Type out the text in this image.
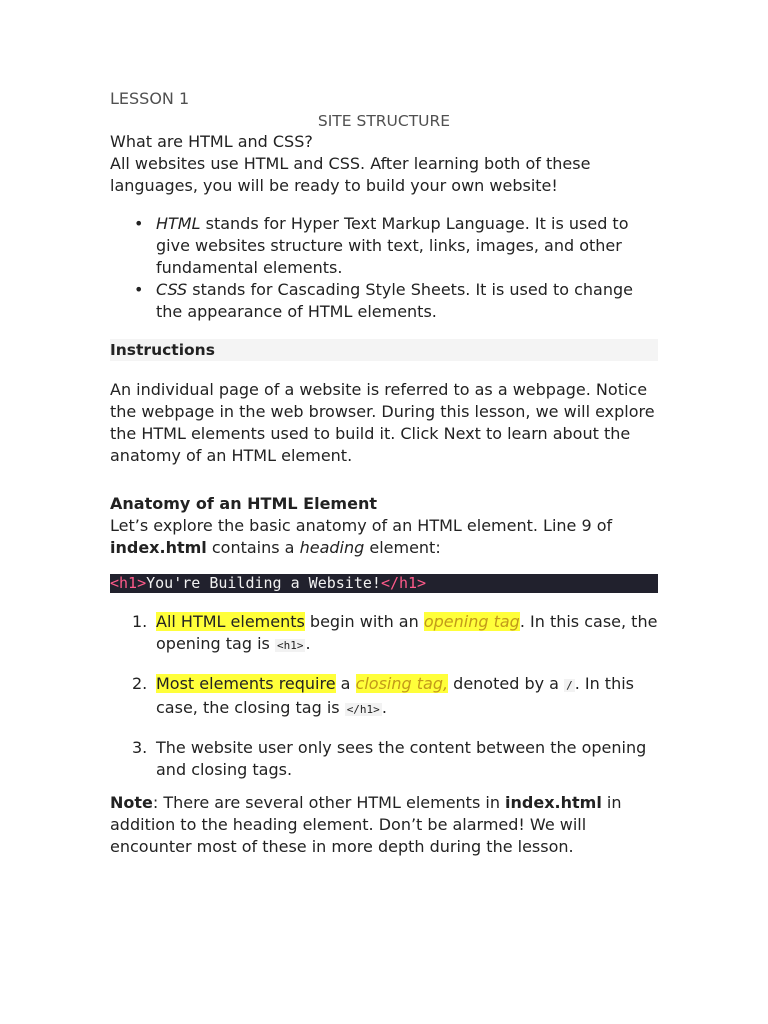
LESSON 1
SITE STRUCTURE
What are HTML and CSS?
All websites use HTML and CSS. After learning both of these languages, you will be ready to build your own website!
• HTML stands for Hyper Text Markup Language. It is used to give websites structure with text, links, images, and other fundamental elements.
• CSS stands for Cascading Style Sheets. It is used to change the appearance of HTML elements.
Instructions
An individual page of a website is referred to as a webpage. Notice the webpage in the web browser. During this lesson, we will explore the HTML elements used to build it. Click Next to learn about the anatomy of an HTML element.
Anatomy of an HTML Element
Let’s explore the basic anatomy of an HTML element. Line 9 of index.html contains a heading element:
<h1>You're Building a Website!</h1>
1. All HTML elements begin with an opening tag. In this case, the opening tag is <h1> .
2. Most elements require a closing tag, denoted by a / . In this case, the closing tag is </h1> .
3. The website user only sees the content between the opening and closing tags.
Note: There are several other HTML elements in index.html in addition to the heading element. Don’t be alarmed! We will encounter most of these in more depth during the lesson.
